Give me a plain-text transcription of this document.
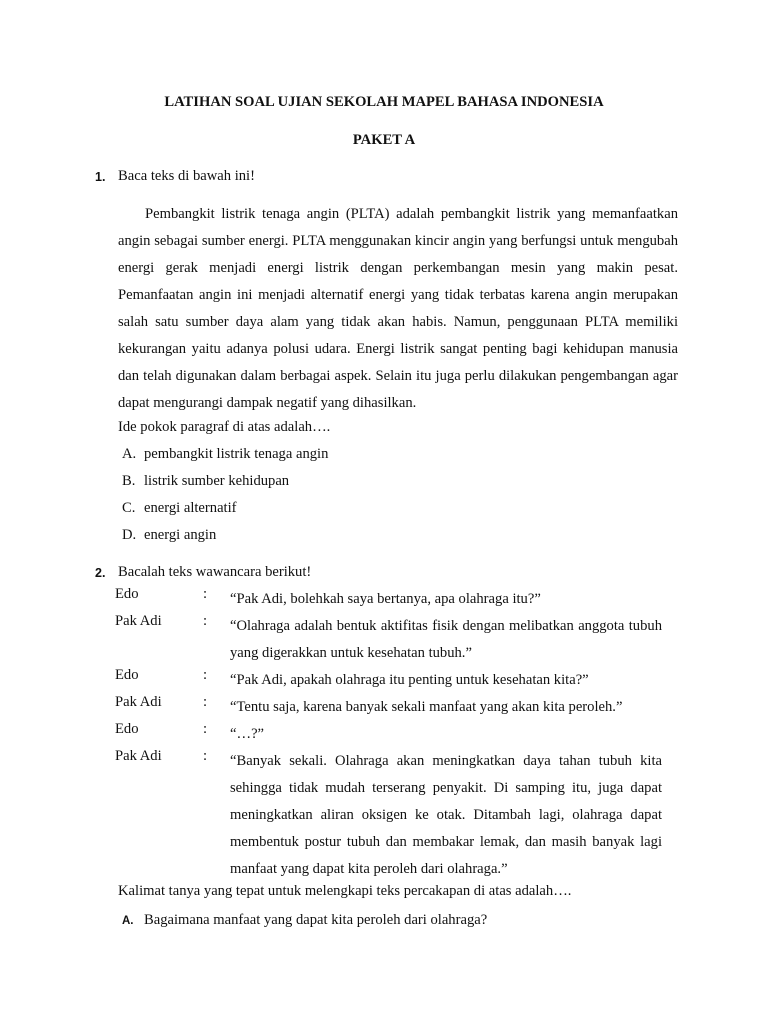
LATIHAN SOAL UJIAN SEKOLAH MAPEL BAHASA INDONESIA
PAKET A
1. Baca teks di bawah ini!
Pembangkit listrik tenaga angin (PLTA) adalah pembangkit listrik yang memanfaatkan angin sebagai sumber energi. PLTA menggunakan kincir angin yang berfungsi untuk mengubah energi gerak menjadi energi listrik dengan perkembangan mesin yang makin pesat. Pemanfaatan angin ini menjadi alternatif energi yang tidak terbatas karena angin merupakan salah satu sumber daya alam yang tidak akan habis. Namun, penggunaan PLTA memiliki kekurangan yaitu adanya polusi udara. Energi listrik sangat penting bagi kehidupan manusia dan telah digunakan dalam berbagai aspek. Selain itu juga perlu dilakukan pengembangan agar dapat mengurangi dampak negatif yang dihasilkan.
Ide pokok paragraf di atas adalah….
A. pembangkit listrik tenaga angin
B. listrik sumber kehidupan
C. energi alternatif
D. energi angin
2. Bacalah teks wawancara berikut!
Edo	: “Pak Adi, bolehkah saya bertanya, apa olahraga itu?”
Pak Adi	: “Olahraga adalah bentuk aktifitas fisik dengan melibatkan anggota tubuh yang digerakkan untuk kesehatan tubuh.”
Edo	: “Pak Adi, apakah olahraga itu penting untuk kesehatan kita?”
Pak Adi	: “Tentu saja, karena banyak sekali manfaat yang akan kita peroleh.”
Edo	: “…?”
Pak Adi	: “Banyak sekali. Olahraga akan meningkatkan daya tahan tubuh kita sehingga tidak mudah terserang penyakit. Di samping itu, juga dapat meningkatkan aliran oksigen ke otak. Ditambah lagi, olahraga dapat membentuk postur tubuh dan membakar lemak, dan masih banyak lagi manfaat yang dapat kita peroleh dari olahraga.”
Kalimat tanya yang tepat untuk melengkapi teks percakapan di atas adalah….
A. Bagaimana manfaat yang dapat kita peroleh dari olahraga?
